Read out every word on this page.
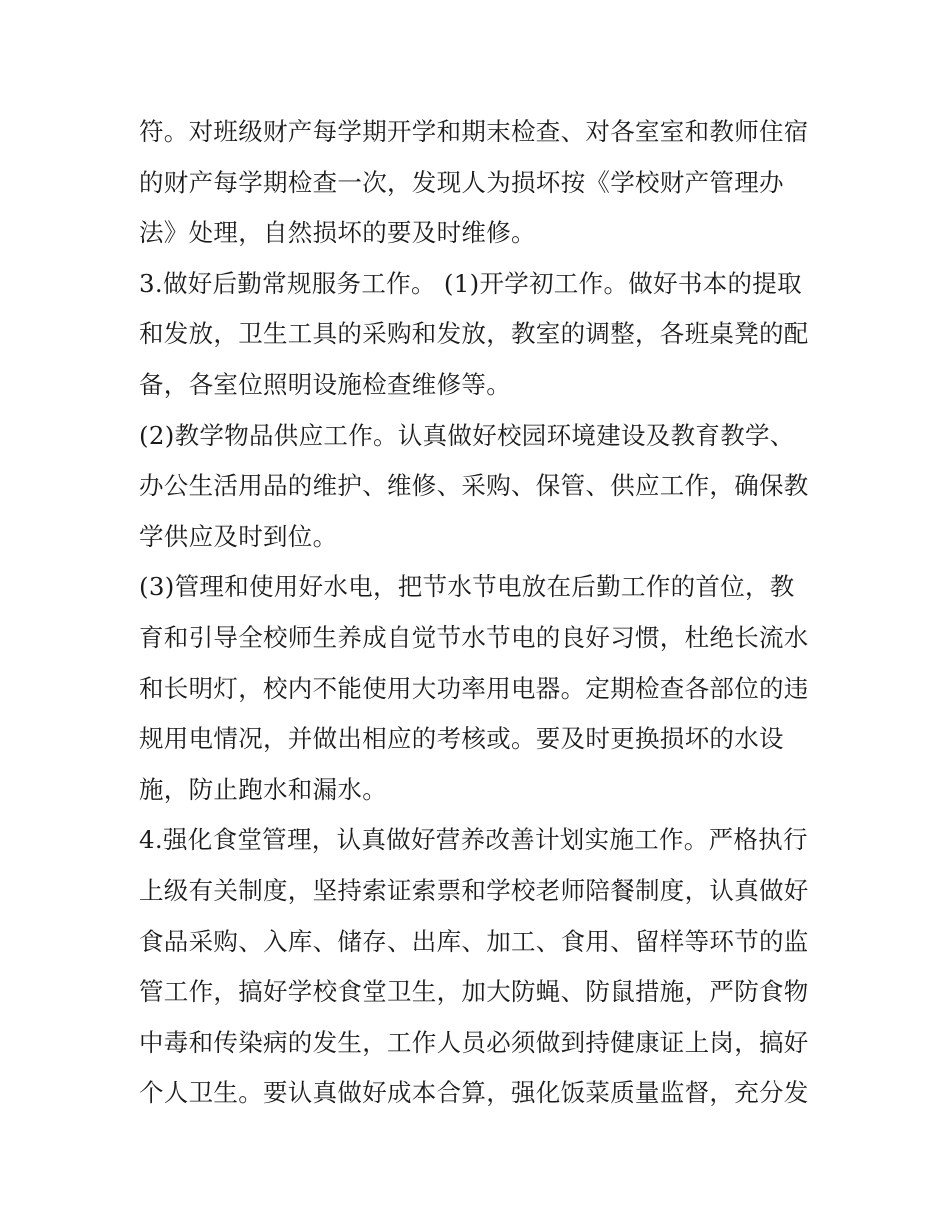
符。对班级财产每学期开学和期末检查、对各室室和教师住宿
的财产每学期检查一次，发现人为损坏按《学校财产管理办
法》处理，自然损坏的要及时维修。
3.做好后勤常规服务工作。 (1)开学初工作。做好书本的提取
和发放，卫生工具的采购和发放，教室的调整，各班桌凳的配
备，各室位照明设施检查维修等。
(2)教学物品供应工作。认真做好校园环境建设及教育教学、
办公生活用品的维护、维修、采购、保管、供应工作，确保教
学供应及时到位。
(3)管理和使用好水电，把节水节电放在后勤工作的首位，教
育和引导全校师生养成自觉节水节电的良好习惯，杜绝长流水
和长明灯，校内不能使用大功率用电器。定期检查各部位的违
规用电情况，并做出相应的考核或。要及时更换损坏的水设
施，防止跑水和漏水。
4.强化食堂管理，认真做好营养改善计划实施工作。严格执行
上级有关制度，坚持索证索票和学校老师陪餐制度，认真做好
食品采购、入库、储存、出库、加工、食用、留样等环节的监
管工作，搞好学校食堂卫生，加大防蝇、防鼠措施，严防食物
中毒和传染病的发生，工作人员必须做到持健康证上岗，搞好
个人卫生。要认真做好成本合算，强化饭菜质量监督，充分发
